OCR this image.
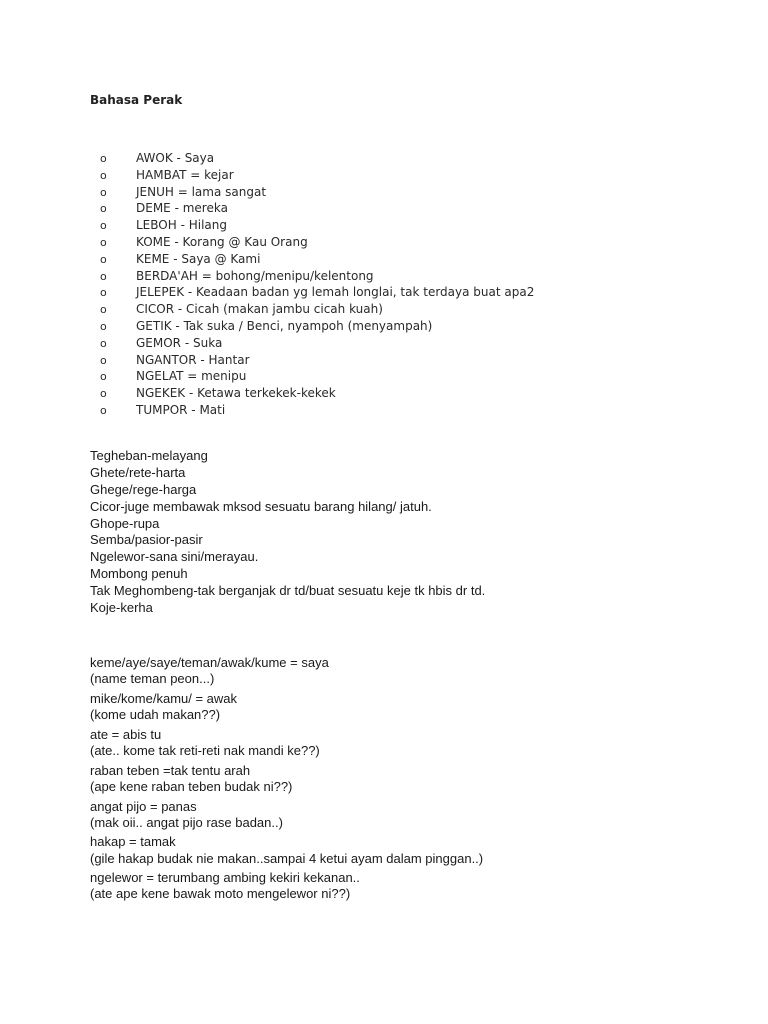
Bahasa Perak
o AWOK - Saya
o HAMBAT = kejar
o JENUH = lama sangat
o DEME - mereka
o LEBOH - Hilang
o KOME - Korang @ Kau Orang
o KEME - Saya @ Kami
o BERDA'AH = bohong/menipu/kelentong
o JELEPEK - Keadaan badan yg lemah longlai, tak terdaya buat apa2
o CICOR - Cicah (makan jambu cicah kuah)
o GETIK - Tak suka / Benci, nyampoh (menyampah)
o GEMOR - Suka
o NGANTOR - Hantar
o NGELAT = menipu
o NGEKEK - Ketawa terkekek-kekek
o TUMPOR - Mati
Tegheban-melayang
Ghete/rete-harta
Ghege/rege-harga
Cicor-juge membawak mksod sesuatu barang hilang/ jatuh.
Ghope-rupa
Semba/pasior-pasir
Ngelewor-sana sini/merayau.
Mombong penuh
Tak Meghombeng-tak berganjak dr td/buat sesuatu keje tk hbis dr td.
Koje-kerha
keme/aye/saye/teman/awak/kume = saya
(name teman peon...)
mike/kome/kamu/ = awak
(kome udah makan??)
ate = abis tu
(ate.. kome tak reti-reti nak mandi ke??)
raban teben =tak tentu arah
(ape kene raban teben budak ni??)
angat pijo = panas
(mak oii.. angat pijo rase badan..)
hakap = tamak
(gile hakap budak nie makan..sampai 4 ketui ayam dalam pinggan..)
ngelewor = terumbang ambing kekiri kekanan..
(ate ape kene bawak moto mengelewor ni??)
